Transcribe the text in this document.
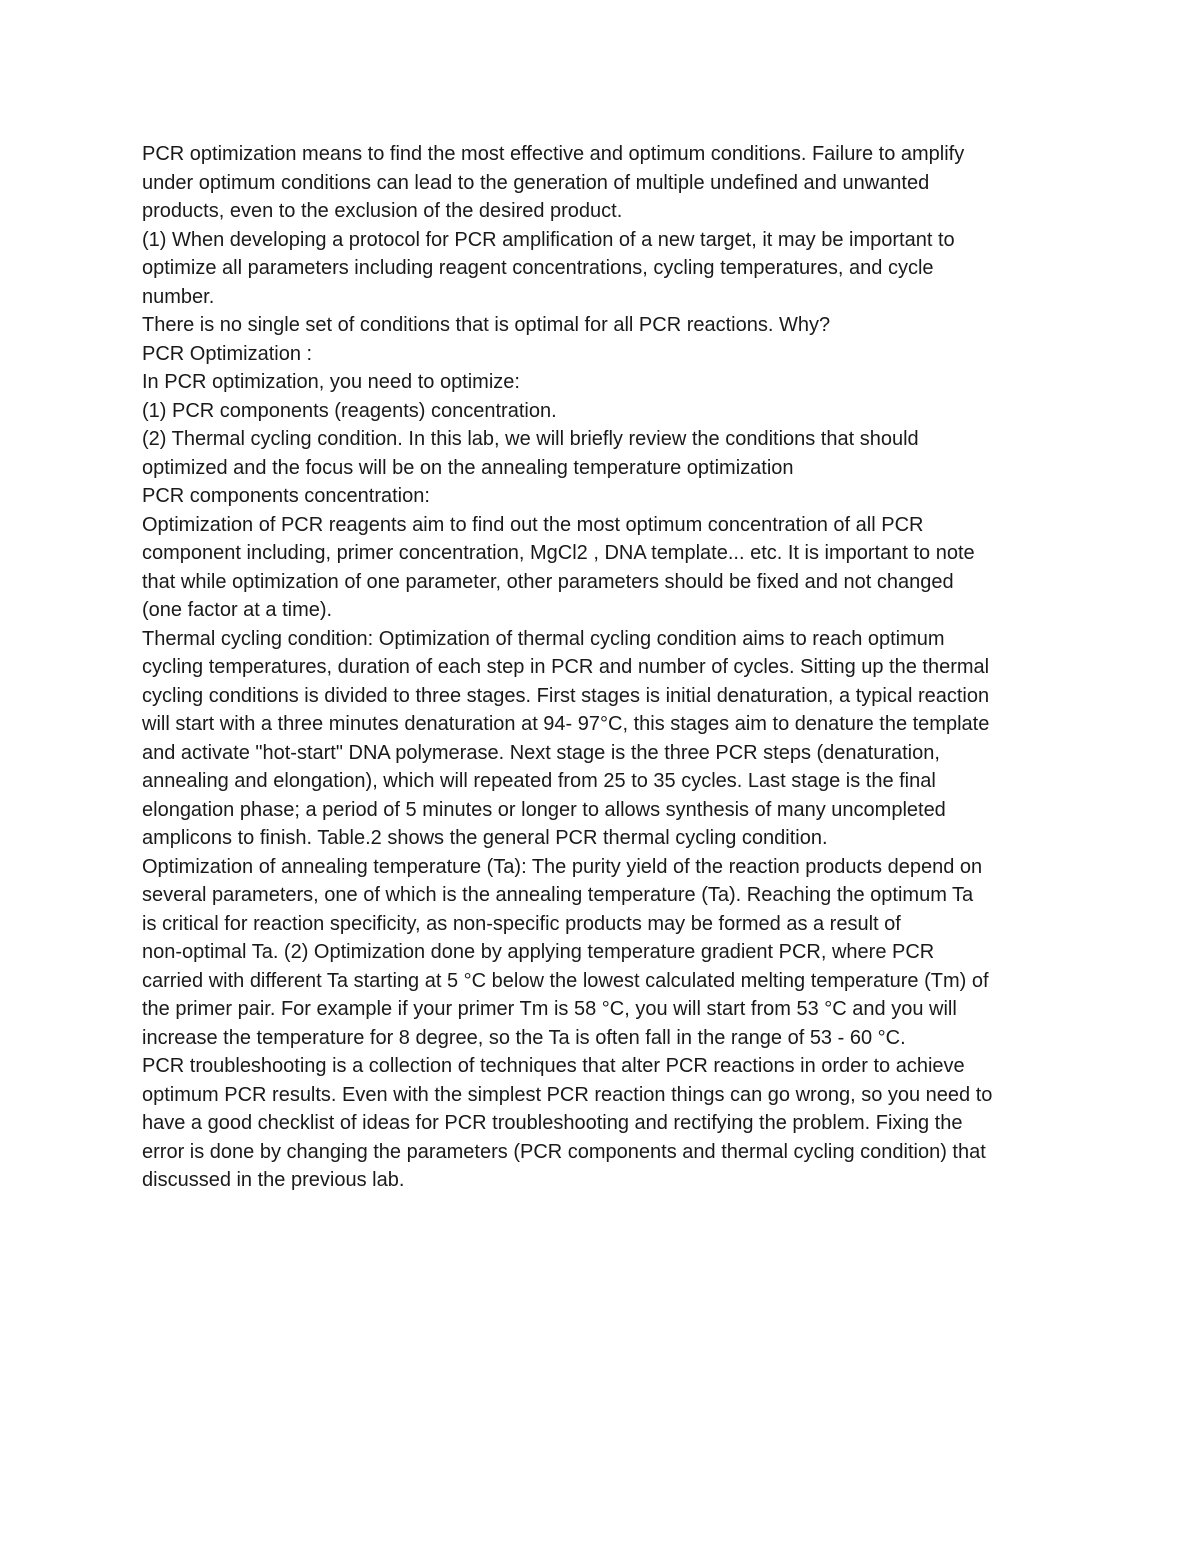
PCR optimization means to find the most effective and optimum conditions. Failure to amplify
under optimum conditions can lead to the generation of multiple undefined and unwanted
products, even to the exclusion of the desired product.
(1) When developing a protocol for PCR amplification of a new target, it may be important to
optimize all parameters including reagent concentrations, cycling temperatures, and cycle
number.
There is no single set of conditions that is optimal for all PCR reactions. Why?
PCR Optimization :
In PCR optimization, you need to optimize:
(1) PCR components (reagents) concentration.
(2) Thermal cycling condition. In this lab, we will briefly review the conditions that should
optimized and the focus will be on the annealing temperature optimization
PCR components concentration:
Optimization of PCR reagents aim to find out the most optimum concentration of all PCR
component including, primer concentration, MgCl2 , DNA template... etc. It is important to note
that while optimization of one parameter, other parameters should be fixed and not changed
(one factor at a time).
Thermal cycling condition: Optimization of thermal cycling condition aims to reach optimum
cycling temperatures, duration of each step in PCR and number of cycles. Sitting up the thermal
cycling conditions is divided to three stages. First stages is initial denaturation, a typical reaction
will start with a three minutes denaturation at 94- 97°C, this stages aim to denature the template
and activate "hot-start" DNA polymerase. Next stage is the three PCR steps (denaturation,
annealing and elongation), which will repeated from 25 to 35 cycles. Last stage is the final
elongation phase; a period of 5 minutes or longer to allows synthesis of many uncompleted
amplicons to finish. Table.2 shows the general PCR thermal cycling condition.
Optimization of annealing temperature (Ta): The purity yield of the reaction products depend on
several parameters, one of which is the annealing temperature (Ta). Reaching the optimum Ta
is critical for reaction specificity, as non-specific products may be formed as a result of
non-optimal Ta. (2) Optimization done by applying temperature gradient PCR, where PCR
carried with different Ta starting at 5 °C below the lowest calculated melting temperature (Tm) of
the primer pair. For example if your primer Tm is 58 °C, you will start from 53 °C and you will
increase the temperature for 8 degree, so the Ta is often fall in the range of 53 - 60 °C.
PCR troubleshooting is a collection of techniques that alter PCR reactions in order to achieve
optimum PCR results. Even with the simplest PCR reaction things can go wrong, so you need to
have a good checklist of ideas for PCR troubleshooting and rectifying the problem. Fixing the
error is done by changing the parameters (PCR components and thermal cycling condition) that
discussed in the previous lab.
